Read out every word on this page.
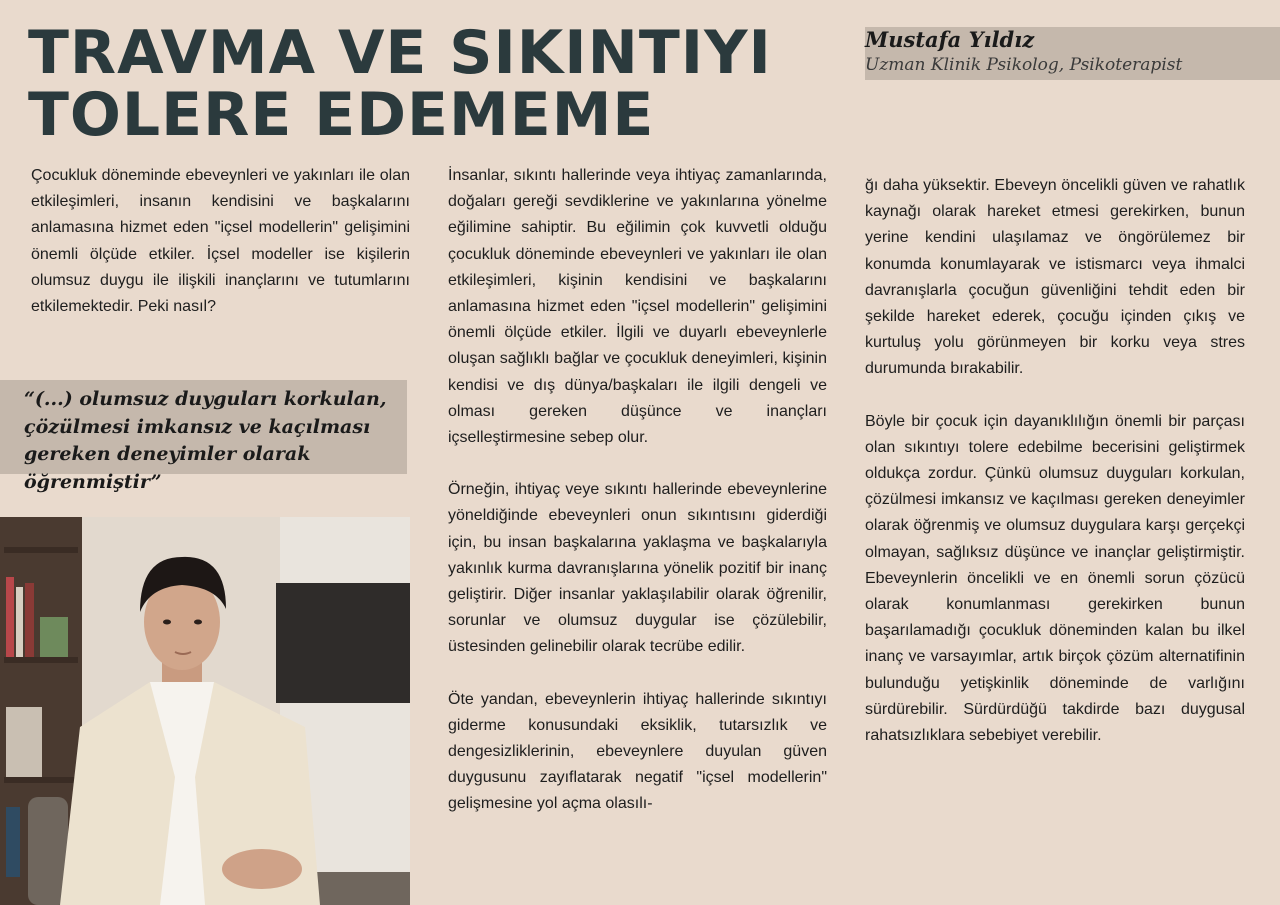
TRAVMA VE SIKINTIYI
TOLERE EDEMEME
Mustafa Yıldız
Uzman Klinik Psikolog, Psikoterapist

Çocukluk döneminde ebeveynleri ve yakınları ile olan etkileşimleri, insanın kendisini ve başkalarını anlamasına hizmet eden "içsel modellerin" gelişimini önemli ölçüde etkiler. İçsel modeller ise kişilerin olumsuz duygu ile ilişkili inançlarını ve tutumlarını etkilemektedir. Peki nasıl?

“(...) olumsuz duyguları korkulan, çözülmesi imkansız ve kaçılması gereken deneyimler olarak öğrenmiştir”

İnsanlar, sıkıntı hallerinde veya ihtiyaç zamanlarında, doğaları gereği sevdiklerine ve yakınlarına yönelme eğilimine sahiptir. Bu eğilimin çok kuvvetli olduğu çocukluk döneminde ebeveynleri ve yakınları ile olan etkileşimleri, kişinin kendisini ve başkalarını anlamasına hizmet eden "içsel modellerin" gelişimini önemli ölçüde etkiler. İlgili ve duyarlı ebeveynlerle oluşan sağlıklı bağlar ve çocukluk deneyimleri, kişinin kendisi ve dış dünya/başkaları ile ilgili dengeli ve olması gereken düşünce ve inançları içselleştirmesine sebep olur.

Örneğin, ihtiyaç veye sıkıntı hallerinde ebeveynlerine yöneldiğinde ebeveynleri onun sıkıntısını giderdiği için, bu insan başkalarına yaklaşma ve başkalarıyla yakınlık kurma davranışlarına yönelik pozitif bir inanç geliştirir. Diğer insanlar yaklaşılabilir olarak öğrenilir, sorunlar ve olumsuz duygular ise çözülebilir, üstesinden gelinebilir olarak tecrübe edilir.

Öte yandan, ebeveynlerin ihtiyaç hallerinde sıkıntıyı giderme konusundaki eksiklik, tutarsızlık ve dengesizliklerinin, ebeveynlere duyulan güven duygusunu zayıflatarak negatif "içsel modellerin" gelişmesine yol açma olasılı-

ğı daha yüksektir. Ebeveyn öncelikli güven ve rahatlık kaynağı olarak hareket etmesi gerekirken, bunun yerine kendini ulaşılamaz ve öngörülemez bir konumda konumlayarak ve istismarcı veya ihmalci davranışlarla çocuğun güvenliğini tehdit eden bir şekilde hareket ederek, çocuğu içinden çıkış ve kurtuluş yolu görünmeyen bir korku veya stres durumunda bırakabilir.

Böyle bir çocuk için dayanıklılığın önemli bir parçası olan sıkıntıyı tolere edebilme becerisini geliştirmek oldukça zordur. Çünkü olumsuz duyguları korkulan, çözülmesi imkansız ve kaçılması gereken deneyimler olarak öğrenmiş ve olumsuz duygulara karşı gerçekçi olmayan, sağlıksız düşünce ve inançlar geliştirmiştir. Ebeveynlerin öncelikli ve en önemli sorun çözücü olarak konumlanması gerekirken bunun başarılamadığı çocukluk döneminden kalan bu ilkel inanç ve varsayımlar, artık birçok çözüm alternatifinin bulunduğu yetişkinlik döneminde de varlığını sürdürebilir. Sürdürdüğü takdirde bazı duygusal rahatsızlıklara sebebiyet verebilir.
